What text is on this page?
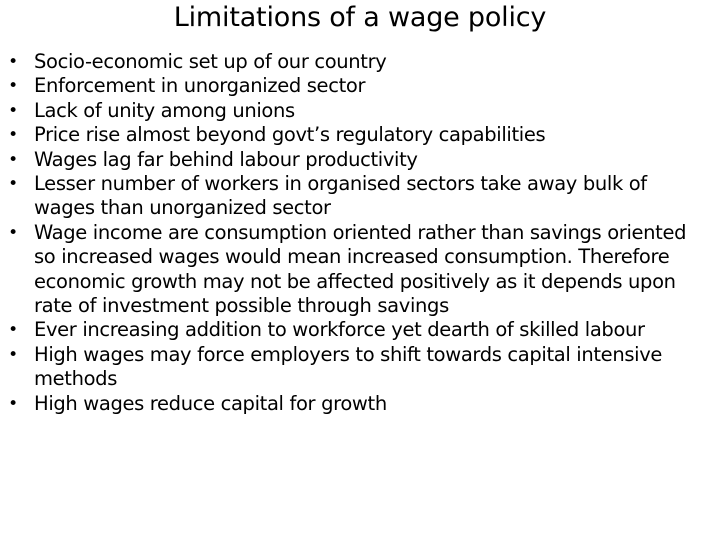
Limitations of a wage policy
• Socio-economic set up of our country
• Enforcement in unorganized sector
• Lack of unity among unions
• Price rise almost beyond govt’s regulatory capabilities
• Wages lag far behind labour productivity
• Lesser number of workers in organised sectors take away bulk of wages than unorganized sector
• Wage income are consumption oriented rather than savings oriented so increased wages would mean increased consumption. Therefore economic growth may not be affected positively as it depends upon rate of investment possible through savings
• Ever increasing addition to workforce yet dearth of skilled labour
• High wages may force employers to shift towards capital intensive methods
• High wages reduce capital for growth
